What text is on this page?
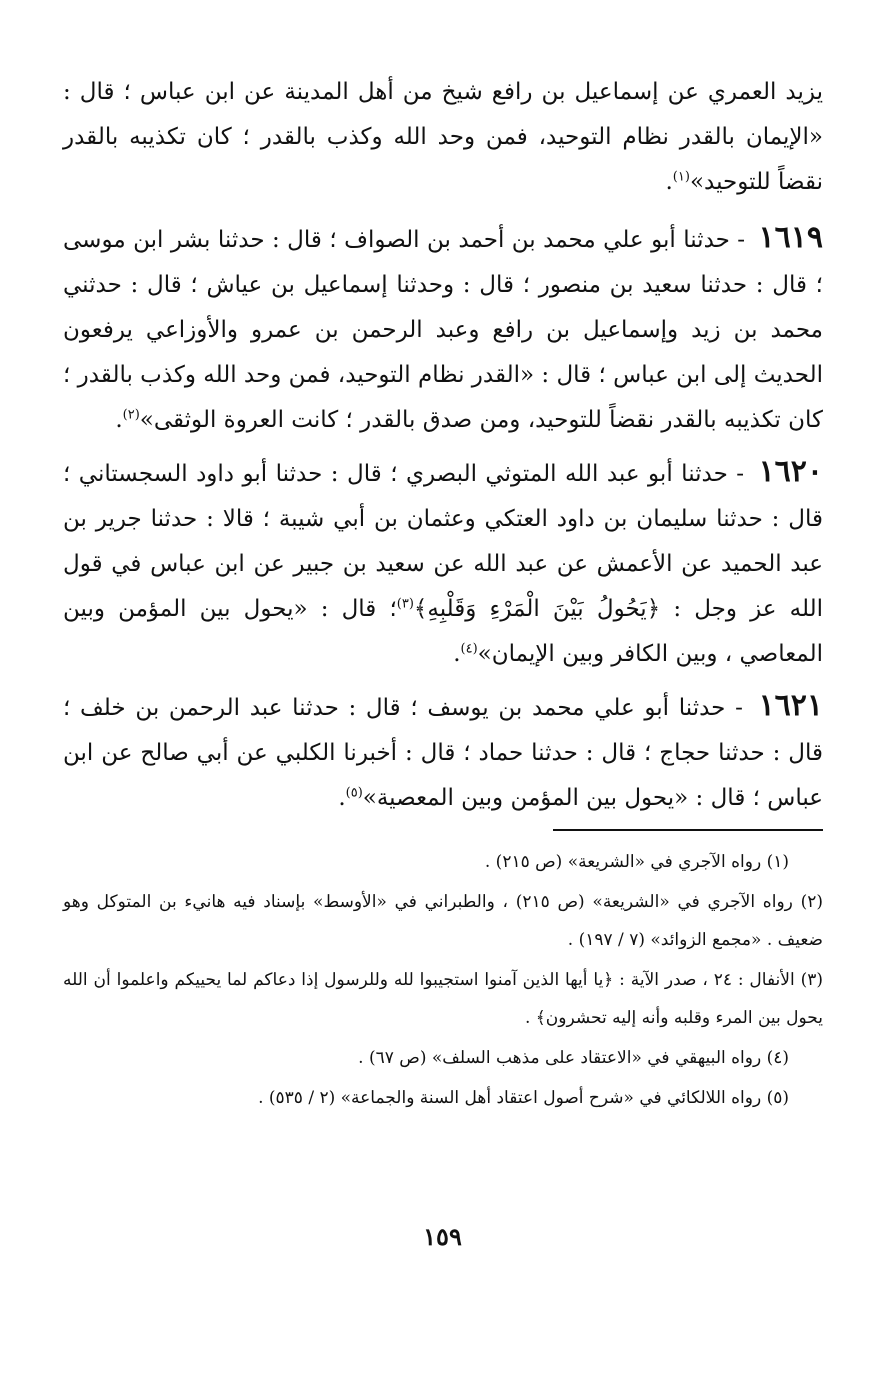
يزيد العمري عن إسماعيل بن رافع شيخ من أهل المدينة عن ابن عباس ؛ قال : «الإيمان بالقدر نظام التوحيد، فمن وحد الله وكذب بالقدر ؛ كان تكذيبه بالقدر نقضاً للتوحيد»$^{(١)}$.

١٦١٩ - حدثنا أبو علي محمد بن أحمد بن الصواف ؛ قال : حدثنا بشر ابن موسى ؛ قال : حدثنا سعيد بن منصور ؛ قال : وحدثنا إسماعيل بن عياش ؛ قال : حدثني محمد بن زيد وإسماعيل بن رافع وعبد الرحمن بن عمرو والأوزاعي يرفعون الحديث إلى ابن عباس ؛ قال : «القدر نظام التوحيد، فمن وحد الله وكذب بالقدر ؛ كان تكذيبه بالقدر نقضاً للتوحيد، ومن صدق بالقدر ؛ كانت العروة الوثقى»$^{(٢)}$.

١٦٢٠ - حدثنا أبو عبد الله المتوثي البصري ؛ قال : حدثنا أبو داود السجستاني ؛ قال : حدثنا سليمان بن داود العتكي وعثمان بن أبي شيبة ؛ قالا : حدثنا جرير بن عبد الحميد عن الأعمش عن عبد الله عن سعيد بن جبير عن ابن عباس في قول الله عز وجل : ﴿يَحُولُ بَيْنَ الْمَرْءِ وَقَلْبِهِ﴾$^{(٣)}$؛ قال : «يحول بين المؤمن وبين المعاصي ، وبين الكافر وبين الإيمان»$^{(٤)}$.

١٦٢١ - حدثنا أبو علي محمد بن يوسف ؛ قال : حدثنا عبد الرحمن بن خلف ؛ قال : حدثنا حجاج ؛ قال : حدثنا حماد ؛ قال : أخبرنا الكلبي عن أبي صالح عن ابن عباس ؛ قال : «يحول بين المؤمن وبين المعصية»$^{(٥)}$.

(١) رواه الآجري في «الشريعة» (ص ٢١٥) .

(٢) رواه الآجري في «الشريعة» (ص ٢١٥) ، والطبراني في «الأوسط» بإسناد فيه هانيء بن المتوكل وهو ضعيف . «مجمع الزوائد» (٧ / ١٩٧) .

(٣) الأنفال : ٢٤ ، صدر الآية : ﴿يا أيها الذين آمنوا استجيبوا لله وللرسول إذا دعاكم لما يحييكم واعلموا أن الله يحول بين المرء وقلبه وأنه إليه تحشرون﴾ .

(٤) رواه البيهقي في «الاعتقاد على مذهب السلف» (ص ٦٧) .

(٥) رواه اللالكائي في «شرح أصول اعتقاد أهل السنة والجماعة» (٢ / ٥٣٥) .

١٥٩
